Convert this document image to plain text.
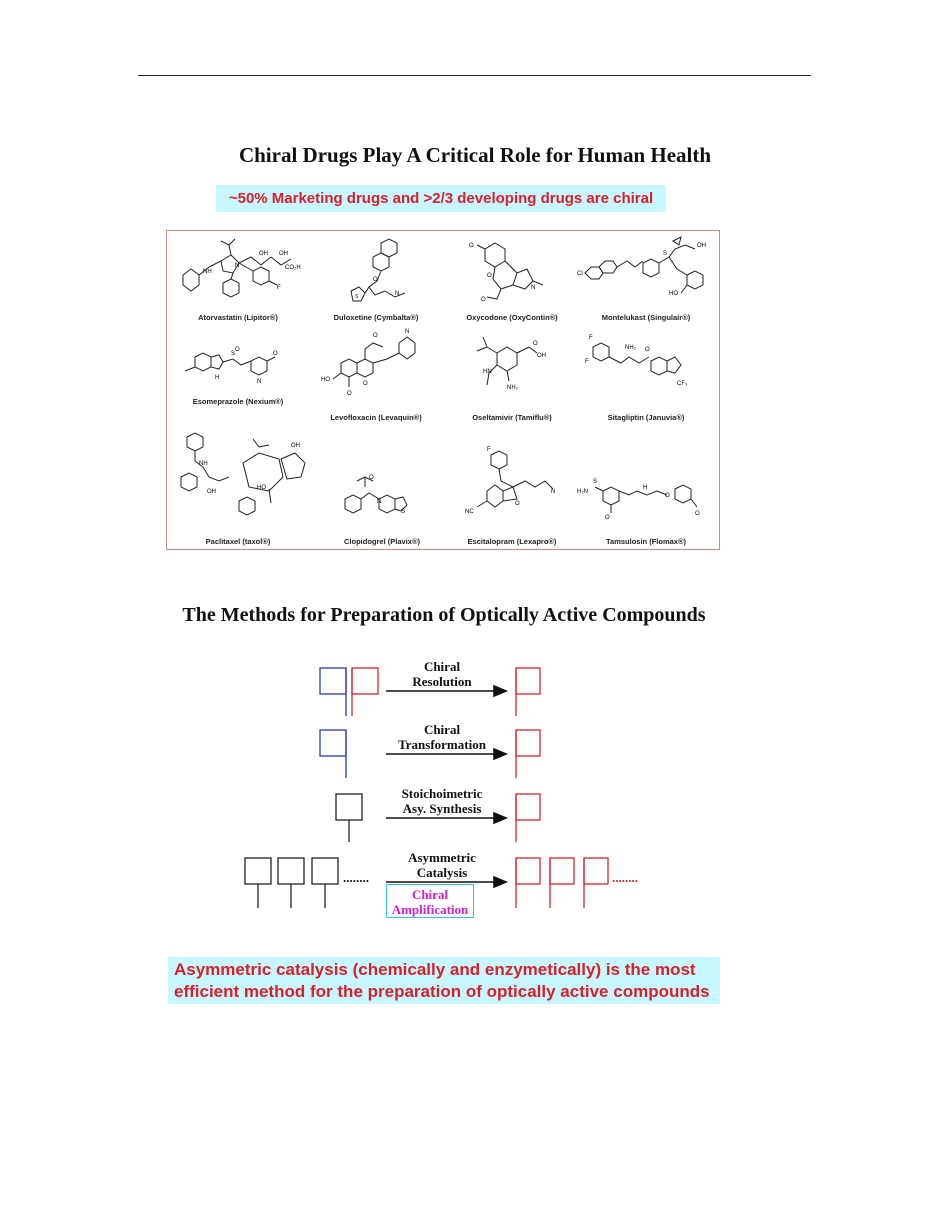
Chiral Drugs Play A Critical Role for Human Health
~50% Marketing drugs and >2/3 developing drugs are chiral
OH OH
CO₂H
N
NH
F
Atorvastatin (Lipitor®)
O
S	N
Duloxetine (Cymbalta®)
O
O
O
N
Oxycodone (OxyContin®)
Cl
S
OH
HO
Montelukast (Singulair®)
S
O
H
N
O
Esomeprazole (Nexium®)
O
N
HO
O
O
Levofloxacin (Levaquin®)
O
OH
HN
NH₂
Oseltamivir (Tamiflu®)
F
F
NH₂ O
CF₃
Sitagliptin (Januvia®)
NH
OH
OH
HO
Paclitaxel (taxol®)
O
S
N
Clopidogrel (Plavix®)
F
O
N
NC
Escitalopram (Lexapro®)
H₂N
S
H
O
O
O
Tamsulosin (Flomax®)
The Methods for Preparation of Optically Active Compounds
Chiral
Resolution
Chiral
Transformation
Stoichoimetric
Asy. Synthesis
Asymmetric
Catalysis
Chiral
Amplification
........	........
Asymmetric catalysis (chemically and enzymetically) is the most
efficient method for the preparation of optically active compounds
